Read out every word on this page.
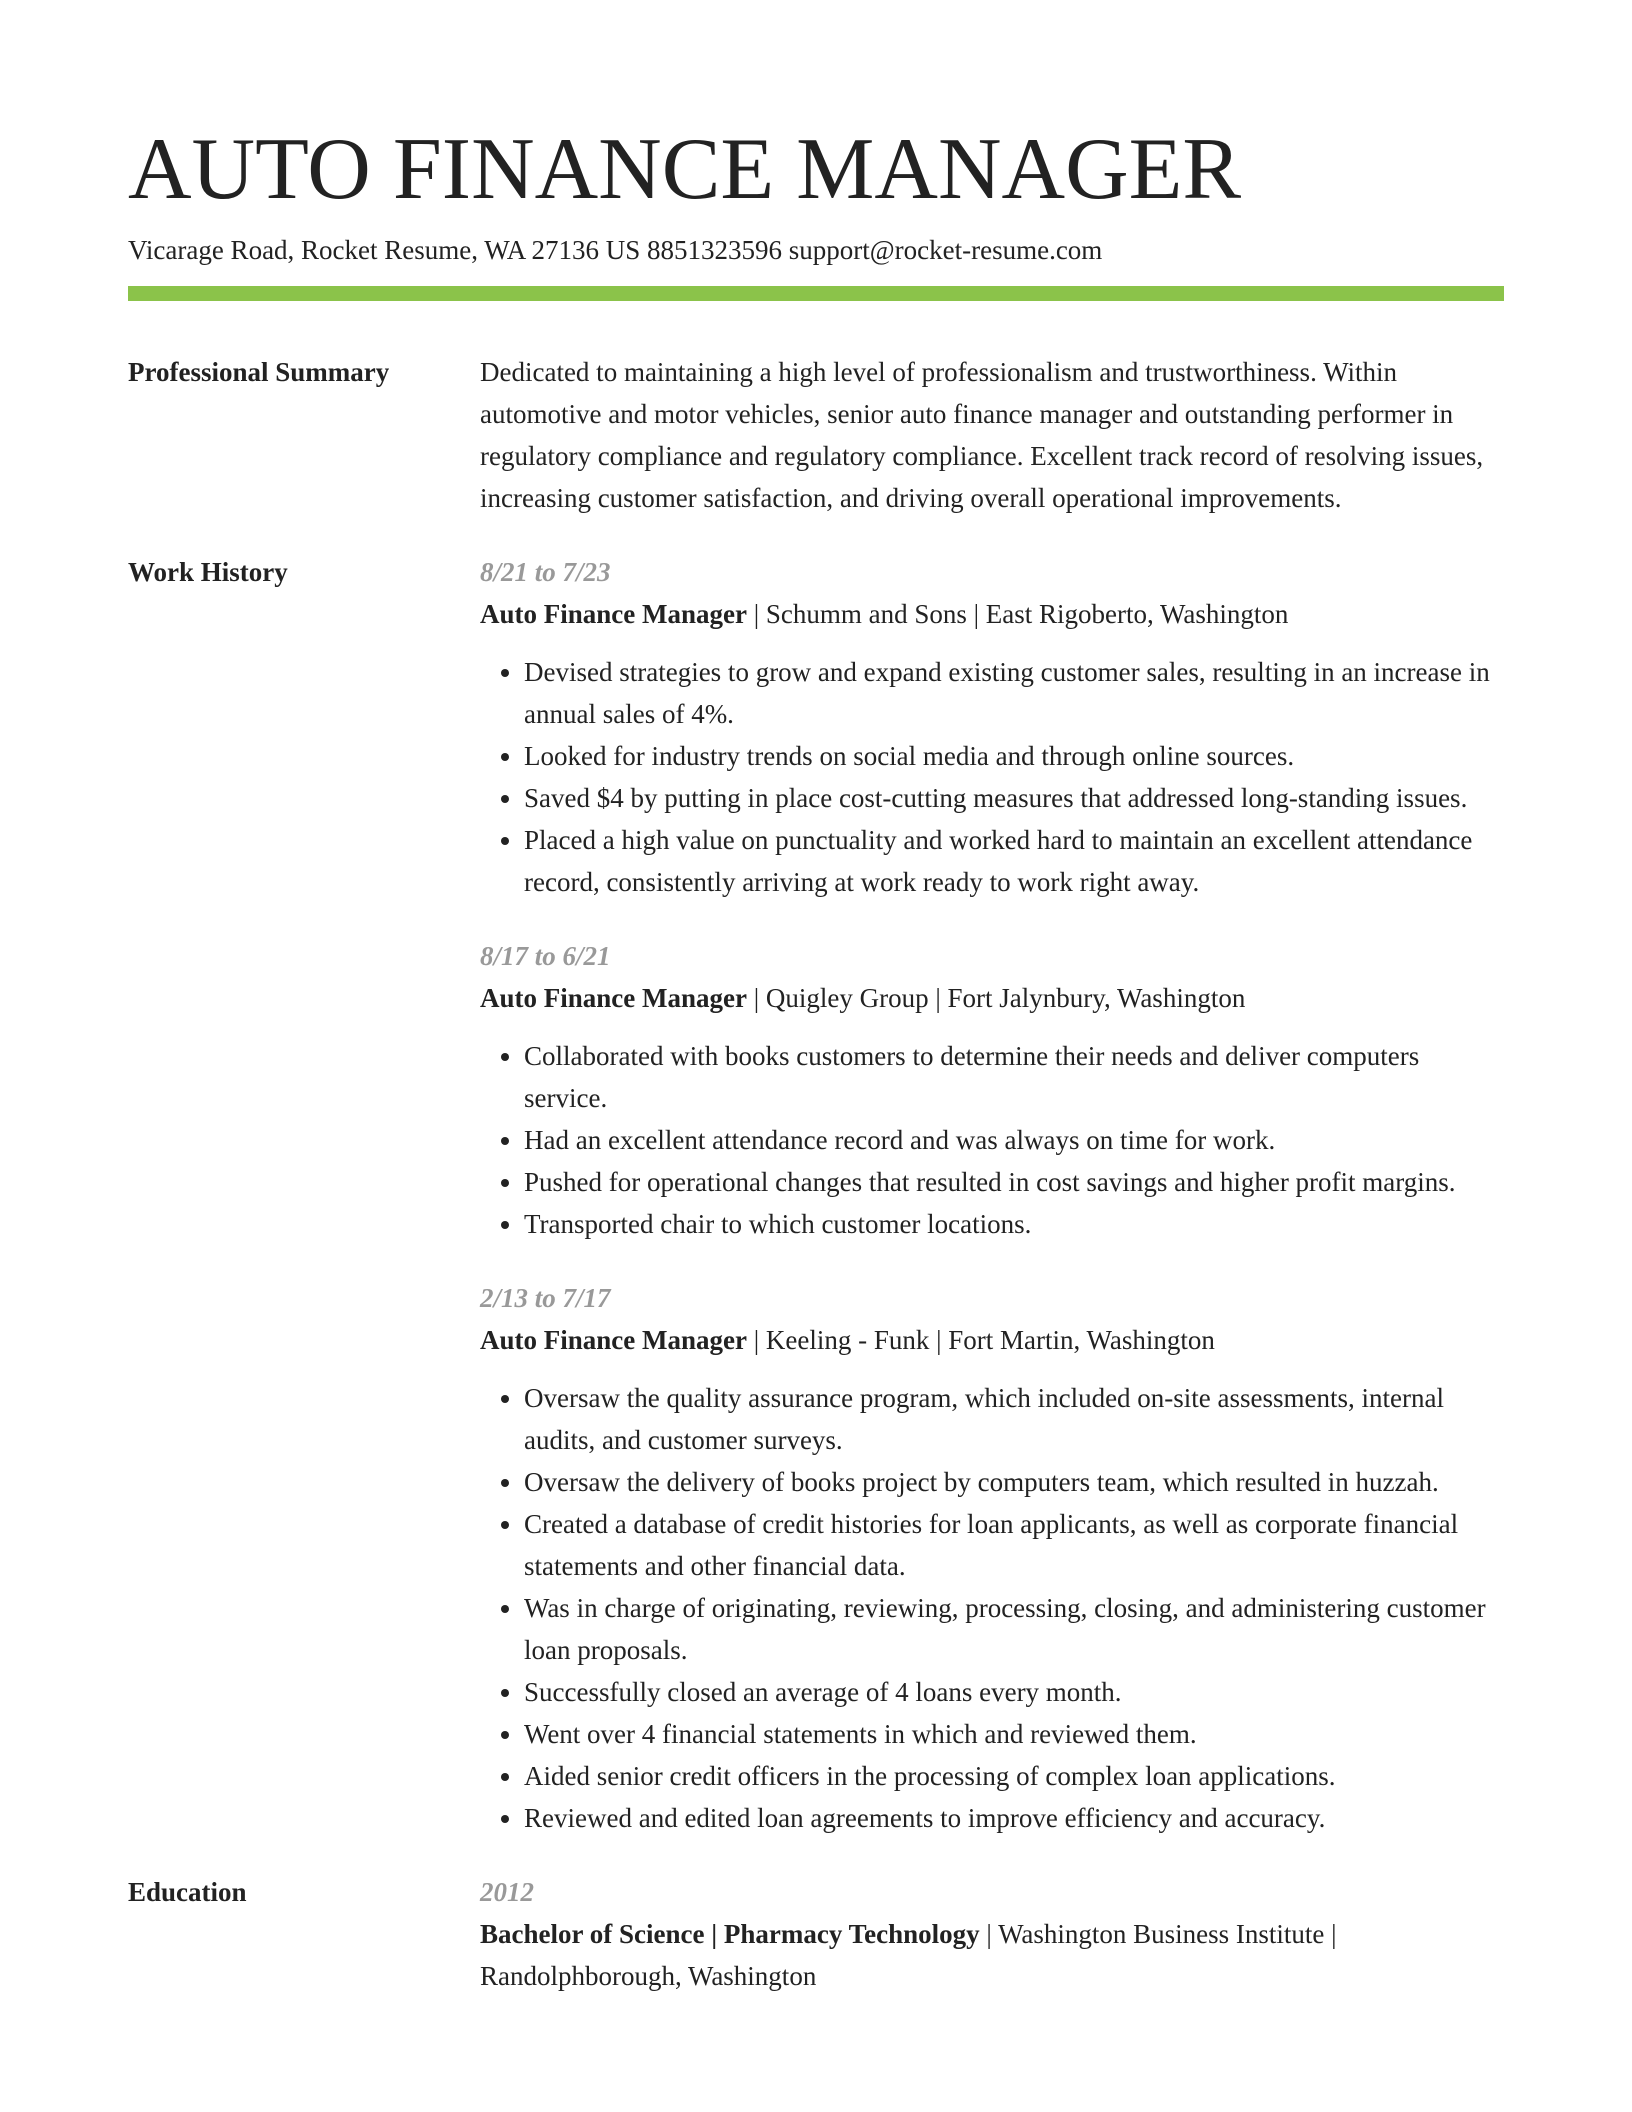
AUTO FINANCE MANAGER
Vicarage Road, Rocket Resume, WA 27136 US 8851323596 support@rocket-resume.com
Professional Summary	Dedicated to maintaining a high level of professionalism and trustworthiness. Within automotive and motor vehicles, senior auto finance manager and outstanding performer in regulatory compliance and regulatory compliance. Excellent track record of resolving issues, increasing customer satisfaction, and driving overall operational improvements.
Work History	8/21 to 7/23
Auto Finance Manager | Schumm and Sons | East Rigoberto, Washington
• Devised strategies to grow and expand existing customer sales, resulting in an increase in annual sales of 4%.
• Looked for industry trends on social media and through online sources.
• Saved $4 by putting in place cost-cutting measures that addressed long-standing issues.
• Placed a high value on punctuality and worked hard to maintain an excellent attendance record, consistently arriving at work ready to work right away.
8/17 to 6/21
Auto Finance Manager | Quigley Group | Fort Jalynbury, Washington
• Collaborated with books customers to determine their needs and deliver computers service.
• Had an excellent attendance record and was always on time for work.
• Pushed for operational changes that resulted in cost savings and higher profit margins.
• Transported chair to which customer locations.
2/13 to 7/17
Auto Finance Manager | Keeling - Funk | Fort Martin, Washington
• Oversaw the quality assurance program, which included on-site assessments, internal audits, and customer surveys.
• Oversaw the delivery of books project by computers team, which resulted in huzzah.
• Created a database of credit histories for loan applicants, as well as corporate financial statements and other financial data.
• Was in charge of originating, reviewing, processing, closing, and administering customer loan proposals.
• Successfully closed an average of 4 loans every month.
• Went over 4 financial statements in which and reviewed them.
• Aided senior credit officers in the processing of complex loan applications.
• Reviewed and edited loan agreements to improve efficiency and accuracy.
Education	2012
Bachelor of Science | Pharmacy Technology | Washington Business Institute | Randolphborough, Washington
